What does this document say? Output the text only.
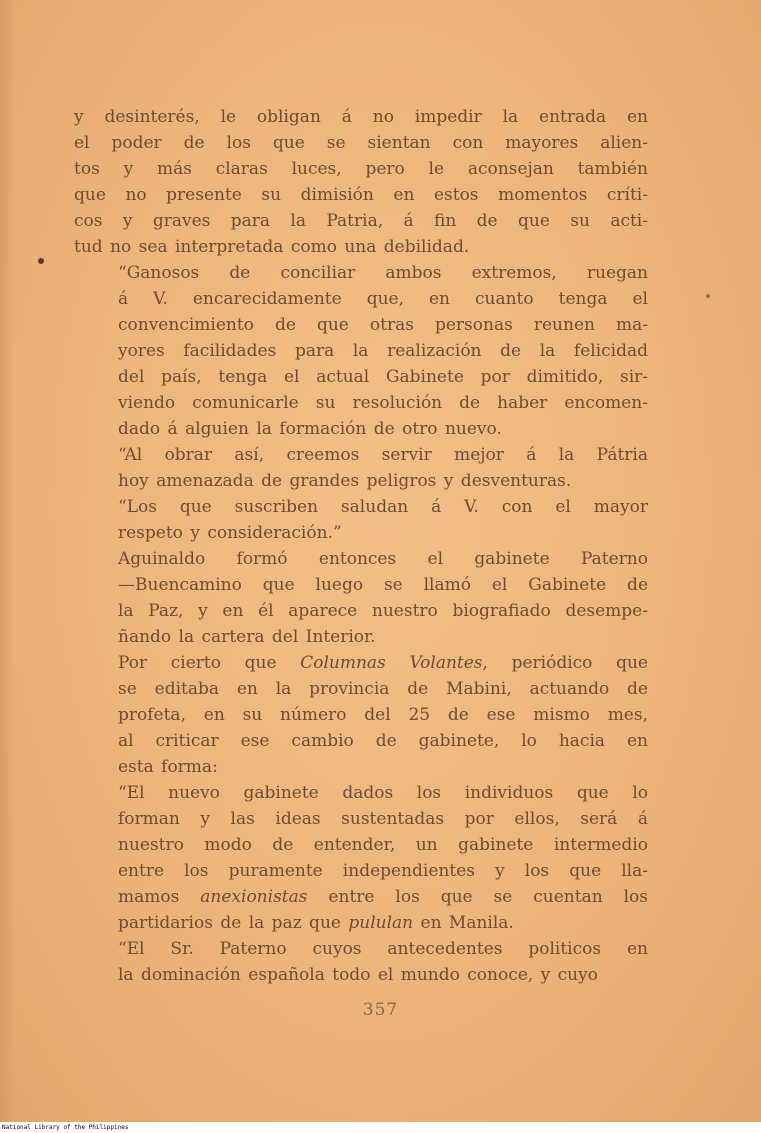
y desinterés, le obligan á no impedir la entrada en
el poder de los que se sientan con mayores alien-
tos y más claras luces, pero le aconsejan también
que no presente su dimisión en estos momentos críti-
cos y graves para la Patria, á fin de que su acti-
tud no sea interpretada como una debilidad.
“Ganosos de conciliar ambos extremos, ruegan
á V. encarecidamente que, en cuanto tenga el
convencimiento de que otras personas reunen ma-
yores facilidades para la realización de la felicidad
del país, tenga el actual Gabinete por dimitido, sir-
viendo comunicarle su resolución de haber encomen-
dado á alguien la formación de otro nuevo.
“Al obrar así, creemos servir mejor á la Pátria
hoy amenazada de grandes peligros y desventuras.
“Los que suscriben saludan á V. con el mayor
respeto y consideración.”
Aguinaldo formó entonces el gabinete Paterno
—Buencamino que luego se llamó el Gabinete de
la Paz, y en él aparece nuestro biografiado desempe-
ñando la cartera del Interior.
Por cierto que Columnas Volantes, periódico que
se editaba en la provincia de Mabini, actuando de
profeta, en su número del 25 de ese mismo mes,
al criticar ese cambio de gabinete, lo hacia en
esta forma:
“El nuevo gabinete dados los individuos que lo
forman y las ideas sustentadas por ellos, será á
nuestro modo de entender, un gabinete intermedio
entre los puramente independientes y los que lla-
mamos anexionistas entre los que se cuentan los
partidarios de la paz que pululan en Manila.
“El Sr. Paterno cuyos antecedentes politicos en
la dominación española todo el mundo conoce, y cuyo
357
National Library of the Philippines
